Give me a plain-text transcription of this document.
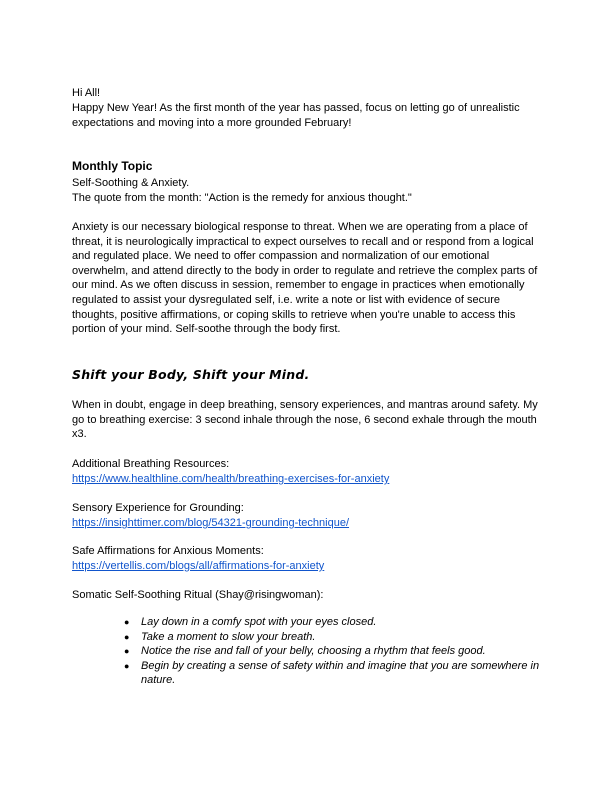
Hi All!

Happy New Year! As the first month of the year has passed, focus on letting go of unrealistic expectations and moving into a more grounded February!

Monthly Topic

Self-Soothing & Anxiety.

The quote from the month: "Action is the remedy for anxious thought."

Anxiety is our necessary biological response to threat. When we are operating from a place of threat, it is neurologically impractical to expect ourselves to recall and or respond from a logical and regulated place. We need to offer compassion and normalization of our emotional overwhelm, and attend directly to the body in order to regulate and retrieve the complex parts of our mind. As we often discuss in session, remember to engage in practices when emotionally regulated to assist your dysregulated self, i.e. write a note or list with evidence of secure thoughts, positive affirmations, or coping skills to retrieve when you're unable to access this portion of your mind. Self-soothe through the body first.

Shift your Body, Shift your Mind.

When in doubt, engage in deep breathing, sensory experiences, and mantras around safety. My go to breathing exercise: 3 second inhale through the nose, 6 second exhale through the mouth x3.

Additional Breathing Resources:

https://www.healthline.com/health/breathing-exercises-for-anxiety

Sensory Experience for Grounding:

https://insighttimer.com/blog/54321-grounding-technique/

Safe Affirmations for Anxious Moments:

https://vertellis.com/blogs/all/affirmations-for-anxiety

Somatic Self-Soothing Ritual (Shay@risingwoman):

● Lay down in a comfy spot with your eyes closed.
● Take a moment to slow your breath.
● Notice the rise and fall of your belly, choosing a rhythm that feels good.
● Begin by creating a sense of safety within and imagine that you are somewhere in nature.
